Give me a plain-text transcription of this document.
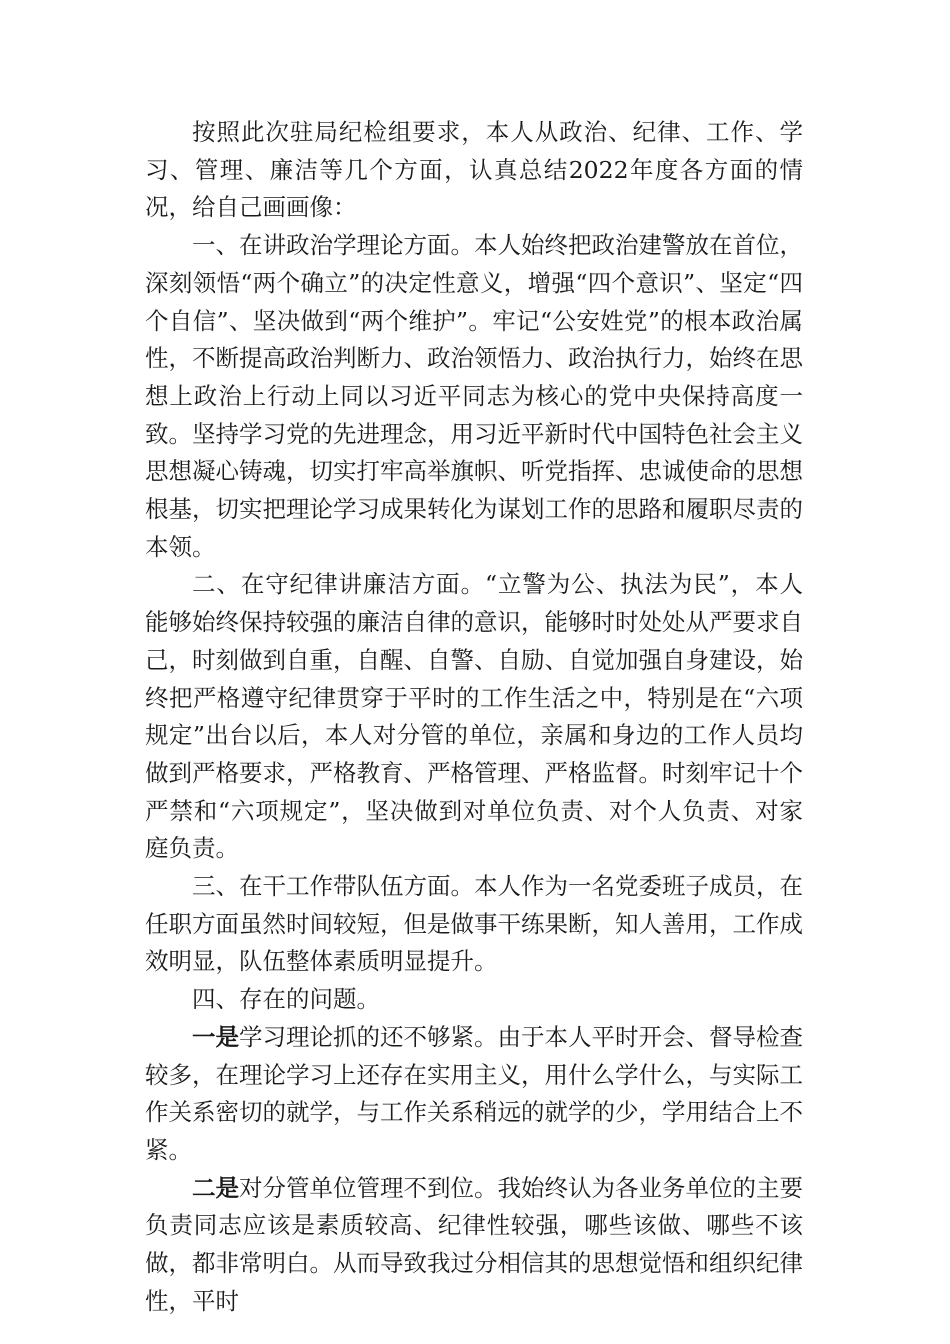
按照此次驻局纪检组要求，本人从政治、纪律、工作、学习、管理、廉洁等几个方面，认真总结2022年度各方面的情况，给自己画画像：

一、在讲政治学理论方面。本人始终把政治建警放在首位，深刻领悟“两个确立”的决定性意义，增强“四个意识”、坚定“四个自信”、坚决做到“两个维护”。牢记“公安姓党”的根本政治属性，不断提高政治判断力、政治领悟力、政治执行力，始终在思想上政治上行动上同以习近平同志为核心的党中央保持高度一致。坚持学习党的先进理念，用习近平新时代中国特色社会主义思想凝心铸魂，切实打牢高举旗帜、听党指挥、忠诚使命的思想根基，切实把理论学习成果转化为谋划工作的思路和履职尽责的本领。

二、在守纪律讲廉洁方面。“立警为公、执法为民”，本人能够始终保持较强的廉洁自律的意识，能够时时处处从严要求自己，时刻做到自重，自醒、自警、自励、自觉加强自身建设，始终把严格遵守纪律贯穿于平时的工作生活之中，特别是在“六项规定”出台以后，本人对分管的单位，亲属和身边的工作人员均做到严格要求，严格教育、严格管理、严格监督。时刻牢记十个严禁和“六项规定”，坚决做到对单位负责、对个人负责、对家庭负责。

三、在干工作带队伍方面。本人作为一名党委班子成员，在任职方面虽然时间较短，但是做事干练果断，知人善用，工作成效明显，队伍整体素质明显提升。

四、存在的问题。

一是学习理论抓的还不够紧。由于本人平时开会、督导检查较多，在理论学习上还存在实用主义，用什么学什么，与实际工作关系密切的就学，与工作关系稍远的就学的少，学用结合上不紧。

二是对分管单位管理不到位。我始终认为各业务单位的主要负责同志应该是素质较高、纪律性较强，哪些该做、哪些不该做，都非常明白。从而导致我过分相信其的思想觉悟和组织纪律性，平时
